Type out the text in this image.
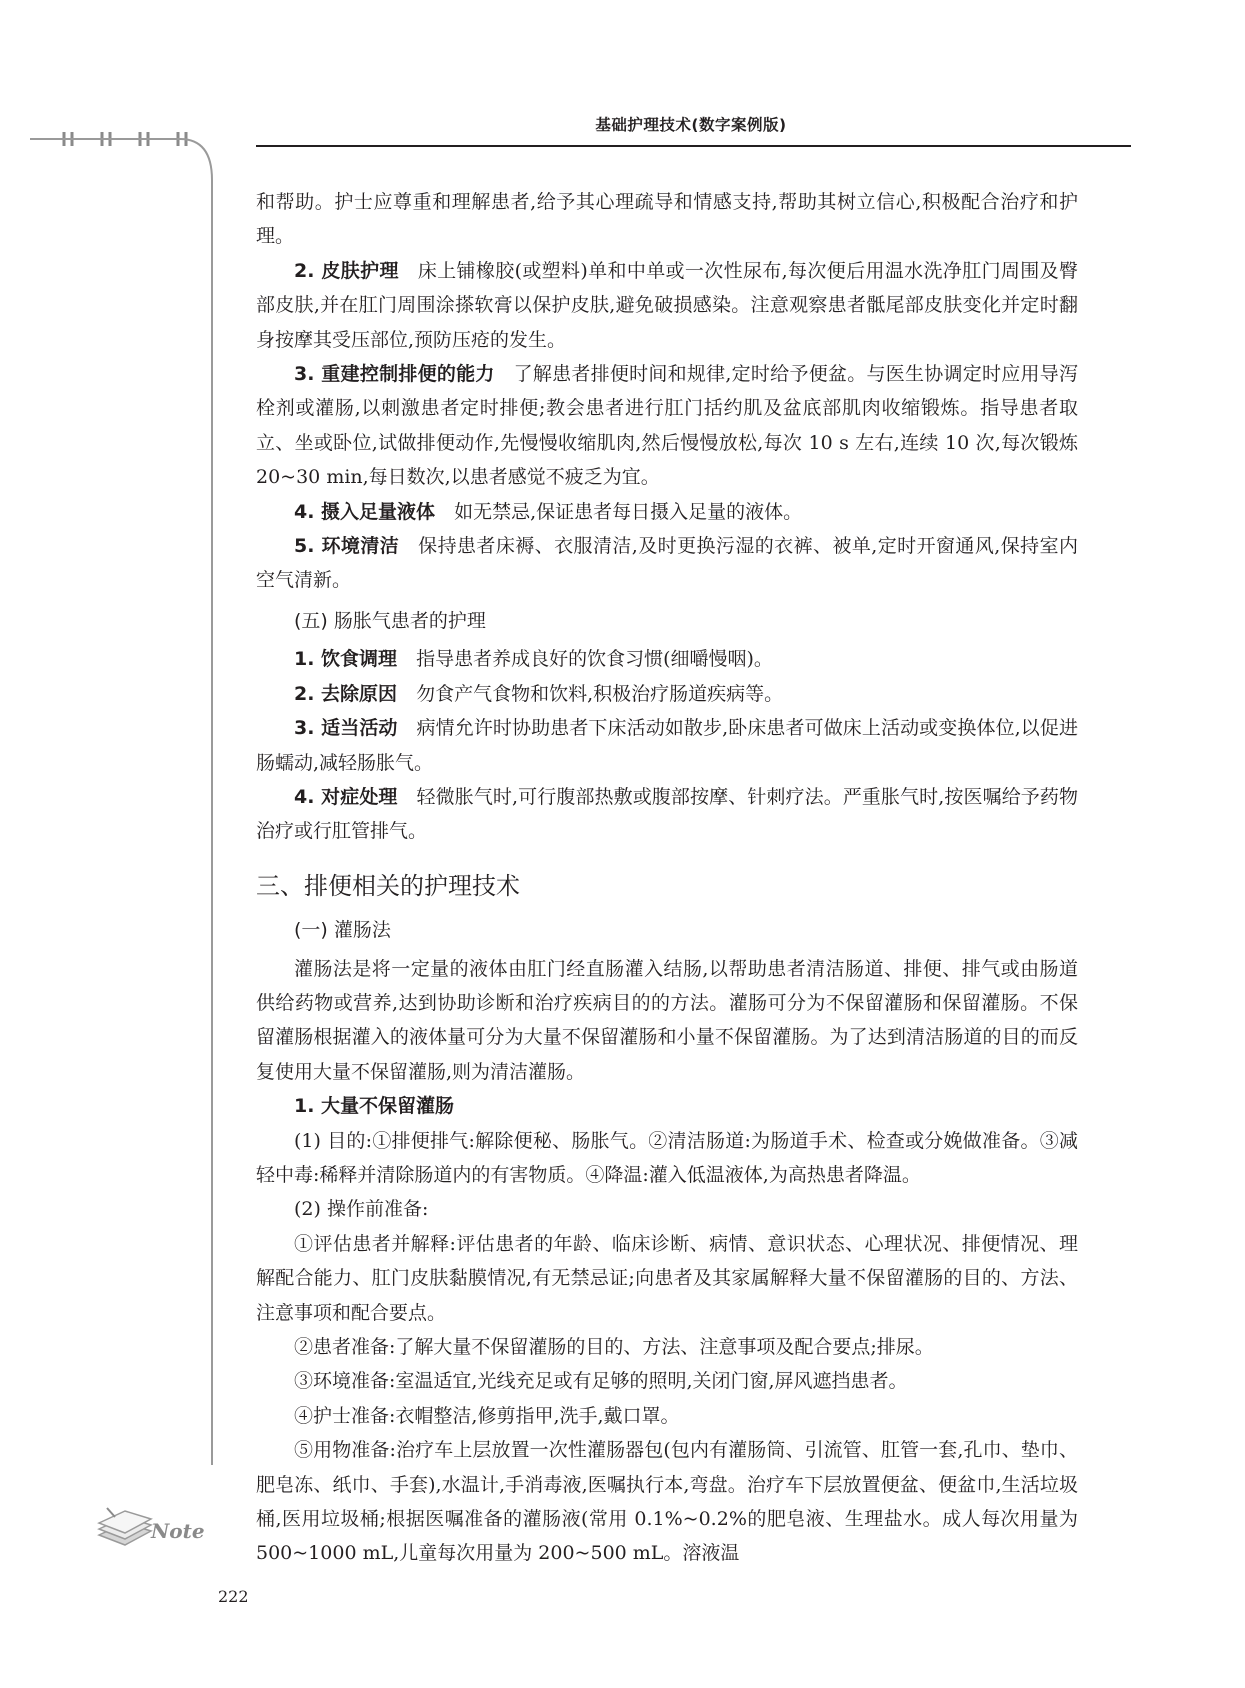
基础护理技术(数字案例版)

和帮助。护士应尊重和理解患者,给予其心理疏导和情感支持,帮助其树立信心,积极配合治疗和护理。

2. 皮肤护理 床上铺橡胶(或塑料)单和中单或一次性尿布,每次便后用温水洗净肛门周围及臀部皮肤,并在肛门周围涂搽软膏以保护皮肤,避免破损感染。注意观察患者骶尾部皮肤变化并定时翻身按摩其受压部位,预防压疮的发生。

3. 重建控制排便的能力 了解患者排便时间和规律,定时给予便盆。与医生协调定时应用导泻栓剂或灌肠,以刺激患者定时排便;教会患者进行肛门括约肌及盆底部肌肉收缩锻炼。指导患者取立、坐或卧位,试做排便动作,先慢慢收缩肌肉,然后慢慢放松,每次 10 s 左右,连续 10 次,每次锻炼 20~30 min,每日数次,以患者感觉不疲乏为宜。

4. 摄入足量液体 如无禁忌,保证患者每日摄入足量的液体。

5. 环境清洁 保持患者床褥、衣服清洁,及时更换污湿的衣裤、被单,定时开窗通风,保持室内空气清新。

(五) 肠胀气患者的护理

1. 饮食调理 指导患者养成良好的饮食习惯(细嚼慢咽)。

2. 去除原因 勿食产气食物和饮料,积极治疗肠道疾病等。

3. 适当活动 病情允许时协助患者下床活动如散步,卧床患者可做床上活动或变换体位,以促进肠蠕动,减轻肠胀气。

4. 对症处理 轻微胀气时,可行腹部热敷或腹部按摩、针刺疗法。严重胀气时,按医嘱给予药物治疗或行肛管排气。

三、排便相关的护理技术

(一) 灌肠法

灌肠法是将一定量的液体由肛门经直肠灌入结肠,以帮助患者清洁肠道、排便、排气或由肠道供给药物或营养,达到协助诊断和治疗疾病目的的方法。灌肠可分为不保留灌肠和保留灌肠。不保留灌肠根据灌入的液体量可分为大量不保留灌肠和小量不保留灌肠。为了达到清洁肠道的目的而反复使用大量不保留灌肠,则为清洁灌肠。

1. 大量不保留灌肠

(1) 目的:①排便排气:解除便秘、肠胀气。②清洁肠道:为肠道手术、检查或分娩做准备。③减轻中毒:稀释并清除肠道内的有害物质。④降温:灌入低温液体,为高热患者降温。

(2) 操作前准备:

①评估患者并解释:评估患者的年龄、临床诊断、病情、意识状态、心理状况、排便情况、理解配合能力、肛门皮肤黏膜情况,有无禁忌证;向患者及其家属解释大量不保留灌肠的目的、方法、注意事项和配合要点。

②患者准备:了解大量不保留灌肠的目的、方法、注意事项及配合要点;排尿。

③环境准备:室温适宜,光线充足或有足够的照明,关闭门窗,屏风遮挡患者。

④护士准备:衣帽整洁,修剪指甲,洗手,戴口罩。

⑤用物准备:治疗车上层放置一次性灌肠器包(包内有灌肠筒、引流管、肛管一套,孔巾、垫巾、肥皂冻、纸巾、手套),水温计,手消毒液,医嘱执行本,弯盘。治疗车下层放置便盆、便盆巾,生活垃圾桶,医用垃圾桶;根据医嘱准备的灌肠液(常用 0.1%~0.2%的肥皂液、生理盐水。成人每次用量为 500~1000 mL,儿童每次用量为 200~500 mL。溶液温

Note
222
